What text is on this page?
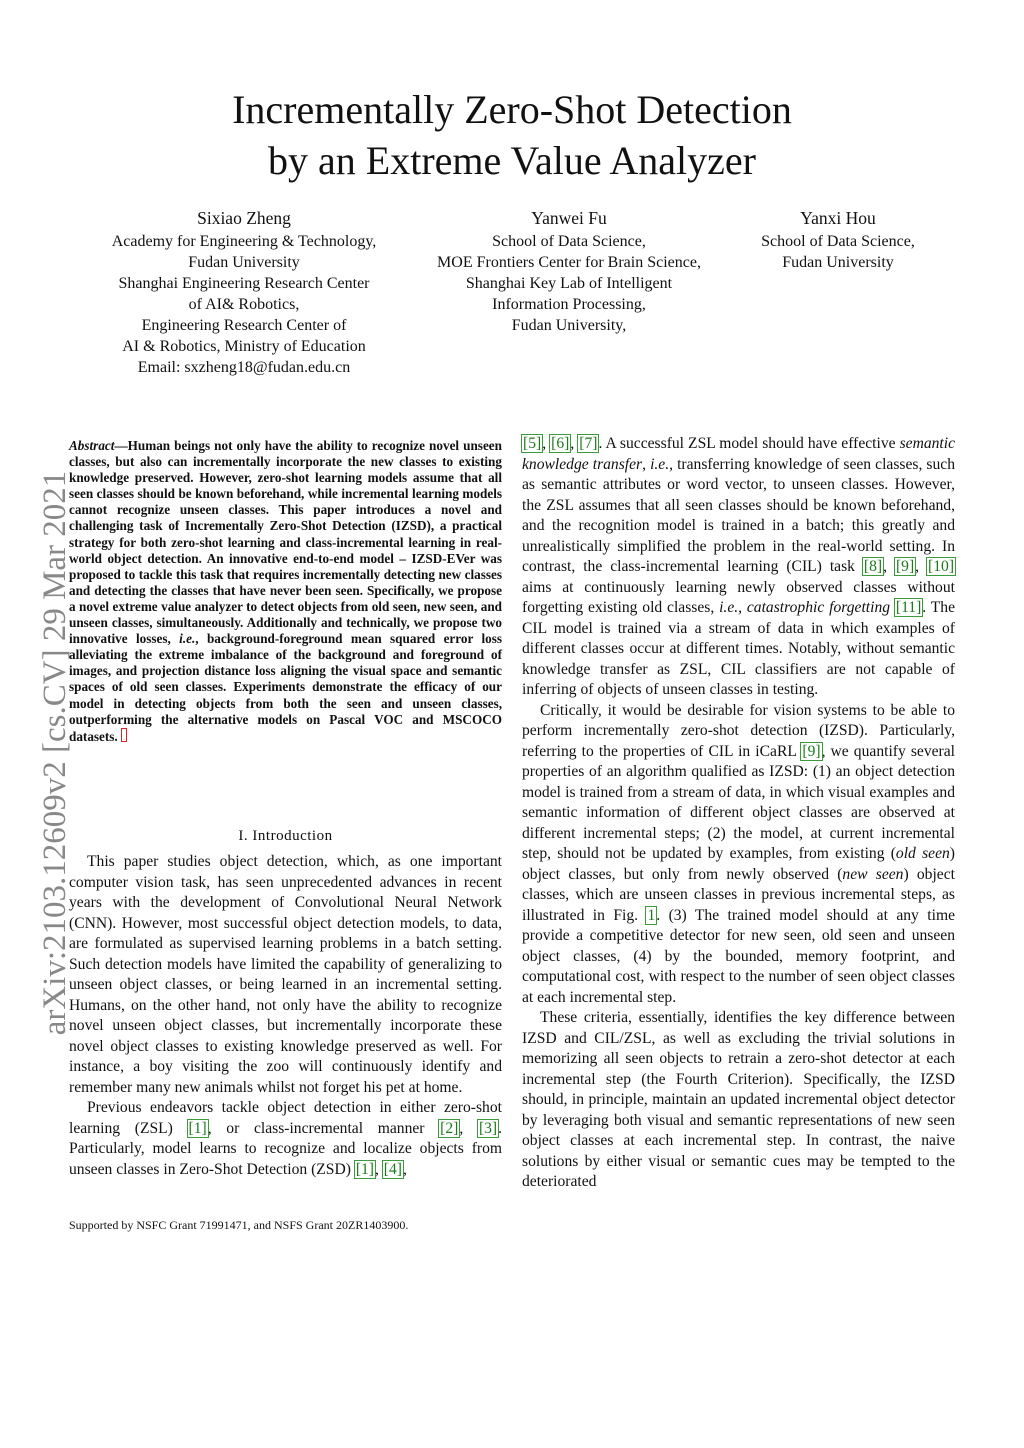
Incrementally Zero-Shot Detection
by an Extreme Value Analyzer
Sixiao Zheng
Academy for Engineering & Technology,
Fudan University
Shanghai Engineering Research Center
of AI& Robotics,
Engineering Research Center of
AI & Robotics, Ministry of Education
Email: sxzheng18@fudan.edu.cn
Yanwei Fu
School of Data Science,
MOE Frontiers Center for Brain Science,
Shanghai Key Lab of Intelligent
Information Processing,
Fudan University,
Yanxi Hou
School of Data Science,
Fudan University
arXiv:2103.12609v2 [cs.CV] 29 Mar 2021
Abstract—Human beings not only have the ability to recognize novel unseen classes, but also can incrementally incorporate the new classes to existing knowledge preserved. However, zero-shot learning models assume that all seen classes should be known beforehand, while incremental learning models cannot recognize unseen classes. This paper introduces a novel and challenging task of Incrementally Zero-Shot Detection (IZSD), a practical strategy for both zero-shot learning and class-incremental learning in real-world object detection. An innovative end-to-end model – IZSD-EVer was proposed to tackle this task that requires incrementally detecting new classes and detecting the classes that have never been seen. Specifically, we propose a novel extreme value analyzer to detect objects from old seen, new seen, and unseen classes, simultaneously. Additionally and technically, we propose two innovative losses, i.e., background-foreground mean squared error loss alleviating the extreme imbalance of the background and foreground of images, and projection distance loss aligning the visual space and semantic spaces of old seen classes. Experiments demonstrate the efficacy of our model in detecting objects from both the seen and unseen classes, outperforming the alternative models on Pascal VOC and MSCOCO datasets.
I. Introduction

This paper studies object detection, which, as one important computer vision task, has seen unprecedented advances in recent years with the development of Convolutional Neural Network (CNN). However, most successful object detection models, to data, are formulated as supervised learning problems in a batch setting. Such detection models have limited the capability of generalizing to unseen object classes, or being learned in an incremental setting. Humans, on the other hand, not only have the ability to recognize novel unseen object classes, but incrementally incorporate these novel object classes to existing knowledge preserved as well. For instance, a boy visiting the zoo will continuously identify and remember many new animals whilst not forget his pet at home.

Previous endeavors tackle object detection in either zero-shot learning (ZSL) [1], or class-incremental manner [2], [3]. Particularly, model learns to recognize and localize objects from unseen classes in Zero-Shot Detection (ZSD) [1], [4],

Supported by NSFC Grant 71991471, and NSFS Grant 20ZR1403900.

[5], [6], [7]. A successful ZSL model should have effective semantic knowledge transfer, i.e., transferring knowledge of seen classes, such as semantic attributes or word vector, to unseen classes. However, the ZSL assumes that all seen classes should be known beforehand, and the recognition model is trained in a batch; this greatly and unrealistically simplified the problem in the real-world setting. In contrast, the class-incremental learning (CIL) task [8], [9], [10] aims at continuously learning newly observed classes without forgetting existing old classes, i.e., catastrophic forgetting [11]. The CIL model is trained via a stream of data in which examples of different classes occur at different times. Notably, without semantic knowledge transfer as ZSL, CIL classifiers are not capable of inferring of objects of unseen classes in testing.

Critically, it would be desirable for vision systems to be able to perform incrementally zero-shot detection (IZSD). Particularly, referring to the properties of CIL in iCaRL [9], we quantify several properties of an algorithm qualified as IZSD: (1) an object detection model is trained from a stream of data, in which visual examples and semantic information of different object classes are observed at different incremental steps; (2) the model, at current incremental step, should not be updated by examples, from existing (old seen) object classes, but only from newly observed (new seen) object classes, which are unseen classes in previous incremental steps, as illustrated in Fig. 1. (3) The trained model should at any time provide a competitive detector for new seen, old seen and unseen object classes, (4) by the bounded, memory footprint, and computational cost, with respect to the number of seen object classes at each incremental step.

These criteria, essentially, identifies the key difference between IZSD and CIL/ZSL, as well as excluding the trivial solutions in memorizing all seen objects to retrain a zero-shot detector at each incremental step (the Fourth Criterion). Specifically, the IZSD should, in principle, maintain an updated incremental object detector by leveraging both visual and semantic representations of new seen object classes at each incremental step. In contrast, the naive solutions by either visual or semantic cues may be tempted to the deteriorated
